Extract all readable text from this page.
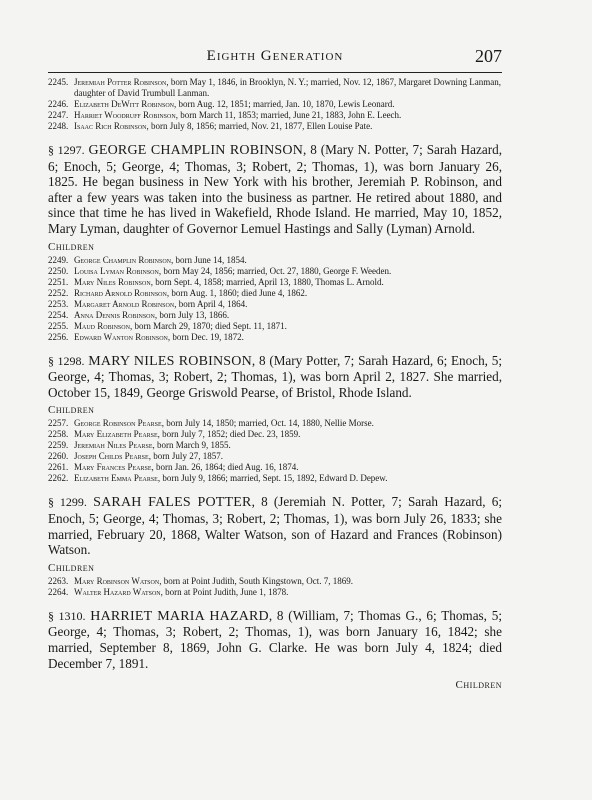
Eighth Generation	207
2245. Jeremiah Potter Robinson, born May 1, 1846, in Brooklyn, N. Y.; married, Nov. 12, 1867, Margaret Downing Lanman, daughter of David Trumbull Lanman.
2246. Elizabeth DeWitt Robinson, born Aug. 12, 1851; married, Jan. 10, 1870, Lewis Leonard.
2247. Harriet Woodruff Robinson, born March 11, 1853; married, June 21, 1883, John E. Leech.
2248. Isaac Rich Robinson, born July 8, 1856; married, Nov. 21, 1877, Ellen Louise Pate.
§ 1297. GEORGE CHAMPLIN ROBINSON, 8 (Mary N. Potter, 7; Sarah Hazard, 6; Enoch, 5; George, 4; Thomas, 3; Robert, 2; Thomas, 1), was born January 26, 1825. He began business in New York with his brother, Jeremiah P. Robinson, and after a few years was taken into the business as partner. He retired about 1880, and since that time he has lived in Wakefield, Rhode Island. He married, May 10, 1852, Mary Lyman, daughter of Governor Lemuel Hastings and Sally (Lyman) Arnold.
Children
2249. George Champlin Robinson, born June 14, 1854.
2250. Louisa Lyman Robinson, born May 24, 1856; married, Oct. 27, 1880, George F. Weeden.
2251. Mary Niles Robinson, born Sept. 4, 1858; married, April 13, 1880, Thomas L. Arnold.
2252. Richard Arnold Robinson, born Aug. 1, 1860; died June 4, 1862.
2253. Margaret Arnold Robinson, born April 4, 1864.
2254. Anna Dennis Robinson, born July 13, 1866.
2255. Maud Robinson, born March 29, 1870; died Sept. 11, 1871.
2256. Edward Wanton Robinson, born Dec. 19, 1872.
§ 1298. MARY NILES ROBINSON, 8 (Mary Potter, 7; Sarah Hazard, 6; Enoch, 5; George, 4; Thomas, 3; Robert, 2; Thomas, 1), was born April 2, 1827. She married, October 15, 1849, George Griswold Pearse, of Bristol, Rhode Island.
Children
2257. George Robinson Pearse, born July 14, 1850; married, Oct. 14, 1880, Nellie Morse.
2258. Mary Elizabeth Pearse, born July 7, 1852; died Dec. 23, 1859.
2259. Jeremiah Niles Pearse, born March 9, 1855.
2260. Joseph Childs Pearse, born July 27, 1857.
2261. Mary Frances Pearse, born Jan. 26, 1864; died Aug. 16, 1874.
2262. Elizabeth Emma Pearse, born July 9, 1866; married, Sept. 15, 1892, Edward D. Depew.
§ 1299. SARAH FALES POTTER, 8 (Jeremiah N. Potter, 7; Sarah Hazard, 6; Enoch, 5; George, 4; Thomas, 3; Robert, 2; Thomas, 1), was born July 26, 1833; she married, February 20, 1868, Walter Watson, son of Hazard and Frances (Robinson) Watson.
Children
2263. Mary Robinson Watson, born at Point Judith, South Kingstown, Oct. 7, 1869.
2264. Walter Hazard Watson, born at Point Judith, June 1, 1878.
§ 1310. HARRIET MARIA HAZARD, 8 (William, 7; Thomas G., 6; Thomas, 5; George, 4; Thomas, 3; Robert, 2; Thomas, 1), was born January 16, 1842; she married, September 8, 1869, John G. Clarke. He was born July 4, 1824; died December 7, 1891.
Children
